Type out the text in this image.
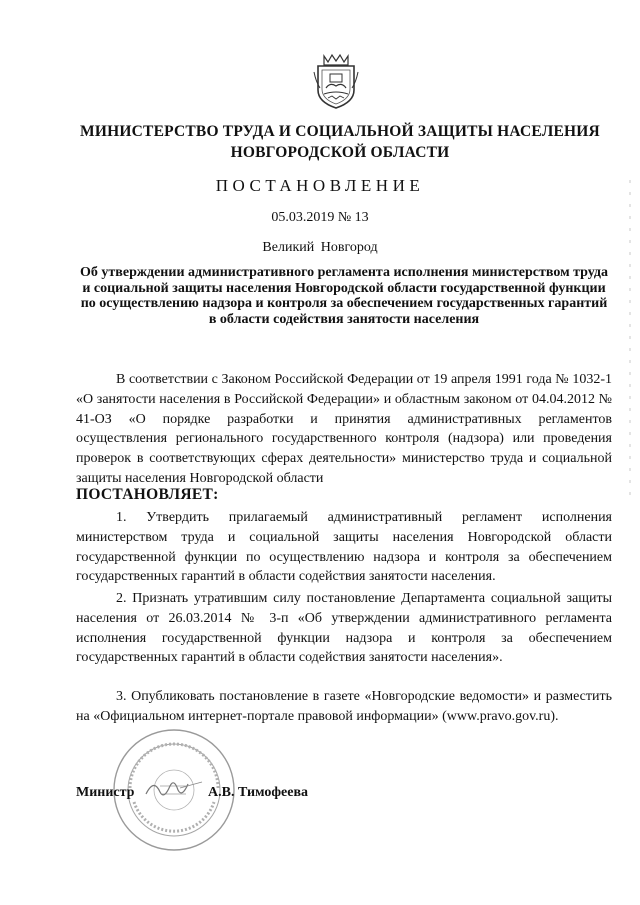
МИНИСТЕРСТВО ТРУДА И СОЦИАЛЬНОЙ ЗАЩИТЫ НАСЕЛЕНИЯ
НОВГОРОДСКОЙ ОБЛАСТИ
ПОСТАНОВЛЕНИЕ
05.03.2019 № 13
Великий Новгород
Об утверждении административного регламента исполнения министерством труда и социальной защиты населения Новгородской области государственной функции по осуществлению надзора и контроля за обеспечением государственных гарантий в области содействия занятости населения
В соответствии с Законом Российской Федерации от 19 апреля 1991 года № 1032-1 «О занятости населения в Российской Федерации» и областным законом от 04.04.2012 № 41-ОЗ «О порядке разработки и принятия административных регламентов осуществления регионального государственного контроля (надзора) или проведения проверок в соответствующих сферах деятельности» министерство труда и социальной защиты населения Новгородской области
ПОСТАНОВЛЯЕТ:
1. Утвердить прилагаемый административный регламент исполнения министерством труда и социальной защиты населения Новгородской области государственной функции по осуществлению надзора и контроля за обеспечением государственных гарантий в области содействия занятости населения.
2. Признать утратившим силу постановление Департамента социальной защиты населения от 26.03.2014 № 3-п «Об утверждении административного регламента исполнения государственной функции надзора и контроля за обеспечением государственных гарантий в области содействия занятости населения».
3. Опубликовать постановление в газете «Новгородские ведомости» и разместить на «Официальном интернет-портале правовой информации» (www.pravo.gov.ru).
Министр	А.В. Тимофеева
